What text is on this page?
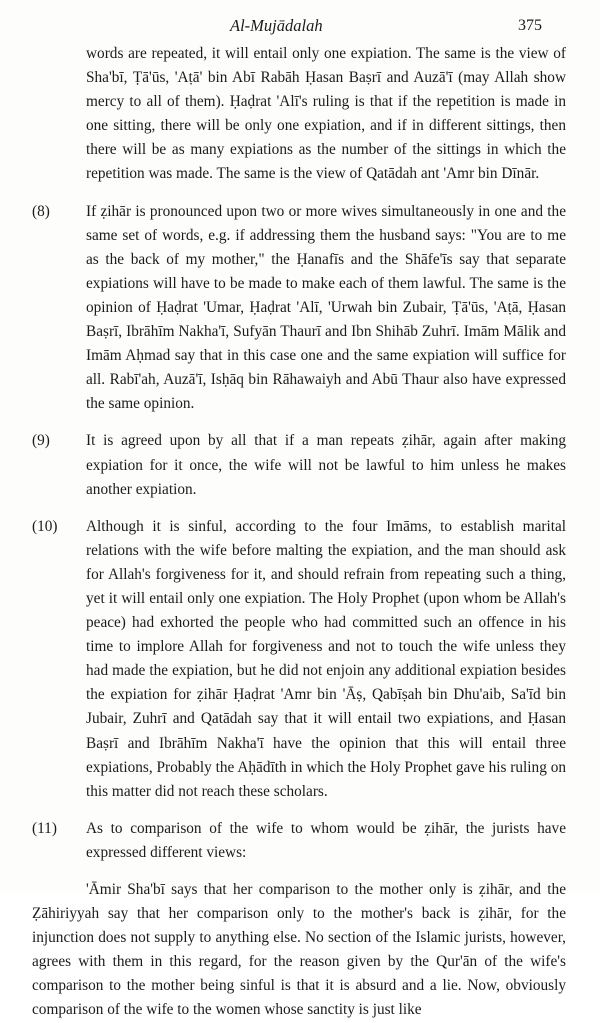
Al-Mujādalah	375

words are repeated, it will entail only one expiation. The same is the view of Sha'bī, Ṭā'ūs, 'Aṭā' bin Abī Rabāh Ḥasan Baṣrī and Auzā'ī (may Allah show mercy to all of them). Ḥaḍrat 'Alī's ruling is that if the repetition is made in one sitting, there will be only one expiation, and if in different sittings, then there will be as many expiations as the number of the sittings in which the repetition was made. The same is the view of Qatādah ant 'Amr bin Dīnār.

(8) If ẓihār is pronounced upon two or more wives simultaneously in one and the same set of words, e.g. if addressing them the husband says: "You are to me as the back of my mother," the Ḥanafīs and the Shāfe'īs say that separate expiations will have to be made to make each of them lawful. The same is the opinion of Ḥaḍrat 'Umar, Ḥaḍrat 'Alī, 'Urwah bin Zubair, Ṭā'ūs, 'Aṭā, Ḥasan Baṣrī, Ibrāhīm Nakha'ī, Sufyān Thaurī and Ibn Shihāb Zuhrī. Imām Mālik and Imām Aḥmad say that in this case one and the same expiation will suffice for all. Rabī'ah, Auzā'ī, Isḥāq bin Rāhawaiyh and Abū Thaur also have expressed the same opinion.

(9) It is agreed upon by all that if a man repeats ẓihār, again after making expiation for it once, the wife will not be lawful to him unless he makes another expiation.

(10) Although it is sinful, according to the four Imāms, to establish marital relations with the wife before malting the expiation, and the man should ask for Allah's forgiveness for it, and should refrain from repeating such a thing, yet it will entail only one expiation. The Holy Prophet (upon whom be Allah's peace) had exhorted the people who had committed such an offence in his time to implore Allah for forgiveness and not to touch the wife unless they had made the expiation, but he did not enjoin any additional expiation besides the expiation for ẓihār Ḥaḍrat 'Amr bin 'Āṣ, Qabīṣah bin Dhu'aib, Sa'īd bin Jubair, Zuhrī and Qatādah say that it will entail two expiations, and Ḥasan Baṣrī and Ibrāhīm Nakha'ī have the opinion that this will entail three expiations, Probably the Aḥādīth in which the Holy Prophet gave his ruling on this matter did not reach these scholars.

(11) As to comparison of the wife to whom would be ẓihār, the jurists have expressed different views:

'Āmir Sha'bī says that her comparison to the mother only is ẓihār, and the Ẓāhiriyyah say that her comparison only to the mother's back is ẓihār, for the injunction does not supply to anything else. No section of the Islamic jurists, however, agrees with them in this regard, for the reason given by the Qur'ān of the wife's comparison to the mother being sinful is that it is absurd and a lie. Now, obviously comparison of the wife to the women whose sanctity is just like
